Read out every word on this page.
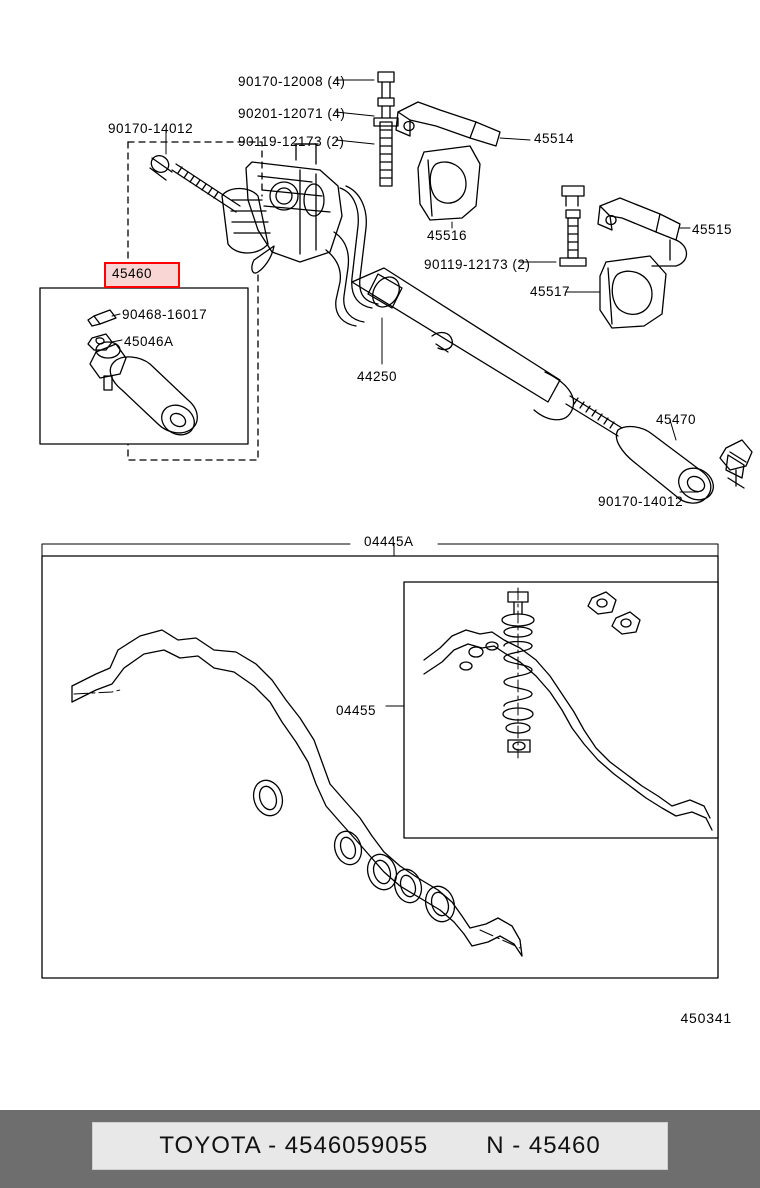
90170-12008 (4)
90201-12071 (4)
90119-12173 (2)
90170-14012
45514
45516	45515
90119-12173 (2)
45517
44250
45470
90170-14012
90468-16017
45046A
04445A
04455
45460
450341
TOYOTA - 4546059055 N - 45460
